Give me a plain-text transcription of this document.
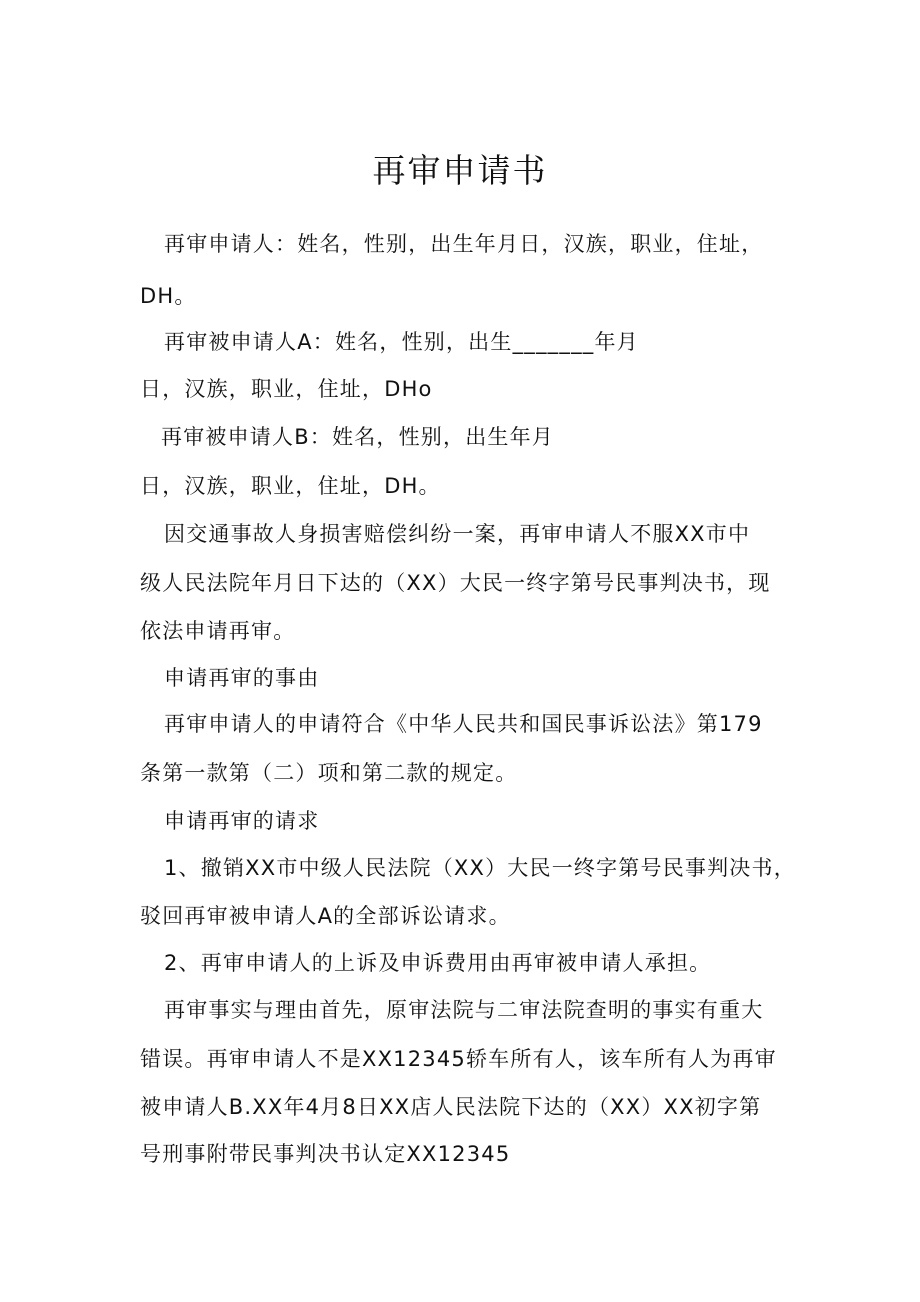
再审申请书
再审申请人：姓名，性别，出生年月日，汉族，职业，住址，
DH。
再审被申请人A：姓名，性别，出生_______年月
日，汉族，职业，住址，DHo
再审被申请人B：姓名，性别，出生年月
日，汉族，职业，住址，DH。
因交通事故人身损害赔偿纠纷一案，再审申请人不服XX市中
级人民法院年月日下达的（XX）大民一终字第号民事判决书，现
依法申请再审。
申请再审的事由
再审申请人的申请符合《中华人民共和国民事诉讼法》第179
条第一款第（二）项和第二款的规定。
申请再审的请求
1、撤销XX市中级人民法院（XX）大民一终字第号民事判决书，
驳回再审被申请人A的全部诉讼请求。
2、再审申请人的上诉及申诉费用由再审被申请人承担。
再审事实与理由首先，原审法院与二审法院查明的事实有重大
错误。再审申请人不是XX12345轿车所有人，该车所有人为再审
被申请人B.XX年4月8日XX店人民法院下达的（XX）XX初字第
号刑事附带民事判决书认定XX12345
